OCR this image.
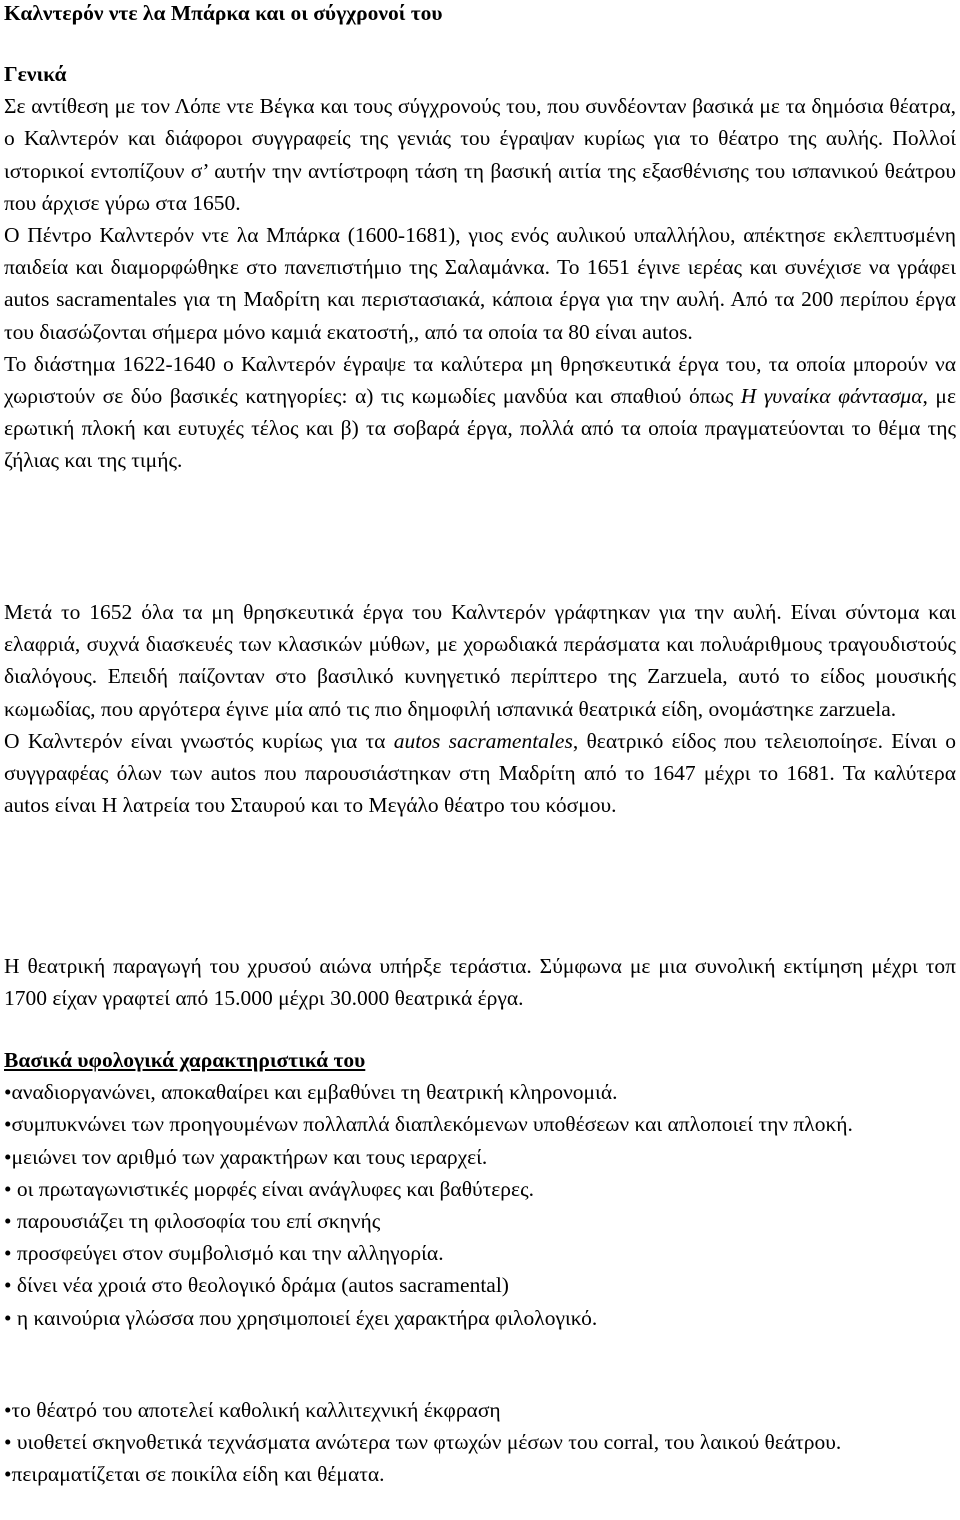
Καλντερόν ντε λα Μπάρκα και οι σύγχρονοί του
Γενικά

Σε αντίθεση με τον Λόπε ντε Βέγκα και τους σύγχρονούς του, που συνδέονταν βασικά με τα δημόσια θέατρα, ο Καλντερόν και διάφοροι συγγραφείς της γενιάς του έγραψαν κυρίως για το θέατρο της αυλής. Πολλοί ιστορικοί εντοπίζουν σ’ αυτήν την αντίστροφη τάση τη βασική αιτία της εξασθένισης του ισπανικού θεάτρου που άρχισε γύρω στα 1650.

Ο Πέντρο Καλντερόν ντε λα Μπάρκα (1600-1681), γιος ενός αυλικού υπαλλήλου, απέκτησε εκλεπτυσμένη παιδεία και διαμορφώθηκε στο πανεπιστήμιο της Σαλαμάνκα. Το 1651 έγινε ιερέας και συνέχισε να γράφει autos sacramentales για τη Μαδρίτη και περιστασιακά, κάποια έργα για την αυλή. Από τα 200 περίπου έργα του διασώζονται σήμερα μόνο καμιά εκατοστή,, από τα οποία τα 80 είναι autos.

Το διάστημα 1622-1640 ο Καλντερόν έγραψε τα καλύτερα μη θρησκευτικά έργα του, τα οποία μπορούν να χωριστούν σε δύο βασικές κατηγορίες: α) τις κωμωδίες μανδύα και σπαθιού όπως Η γυναίκα φάντασμα, με ερωτική πλοκή και ευτυχές τέλος και β) τα σοβαρά έργα, πολλά από τα οποία πραγματεύονται το θέμα της ζήλιας και της τιμής.

Μετά το 1652 όλα τα μη θρησκευτικά έργα του Καλντερόν γράφτηκαν για την αυλή. Είναι σύντομα και ελαφριά, συχνά διασκευές των κλασικών μύθων, με χορωδιακά περάσματα και πολυάριθμους τραγουδιστούς διαλόγους. Επειδή παίζονταν στο βασιλικό κυνηγετικό περίπτερο της Zarzuela, αυτό το είδος μουσικής κωμωδίας, που αργότερα έγινε μία από τις πιο δημοφιλή ισπανικά θεατρικά είδη, ονομάστηκε zarzuela.

Ο Καλντερόν είναι γνωστός κυρίως για τα autos sacramentales, θεατρικό είδος που τελειοποίησε. Είναι ο συγγραφέας όλων των autos που παρουσιάστηκαν στη Μαδρίτη από το 1647 μέχρι το 1681. Τα καλύτερα autos είναι Η λατρεία του Σταυρού και το Μεγάλο θέατρο του κόσμου.

Η θεατρική παραγωγή του χρυσού αιώνα υπήρξε τεράστια. Σύμφωνα με μια συνολική εκτίμηση μέχρι τοπ 1700 είχαν γραφτεί από 15.000 μέχρι 30.000 θεατρικά έργα.

Βασικά υφολογικά χαρακτηριστικά του

•αναδιοργανώνει, αποκαθαίρει και εμβαθύνει τη θεατρική κληρονομιά.

•συμπυκνώνει των προηγουμένων πολλαπλά διαπλεκόμενων υποθέσεων και απλοποιεί την πλοκή.

•μειώνει τον αριθμό των χαρακτήρων και τους ιεραρχεί.

• οι πρωταγωνιστικές μορφές είναι ανάγλυφες και βαθύτερες.

• παρουσιάζει τη φιλοσοφία του επί σκηνής

• προσφεύγει στον συμβολισμό και την αλληγορία.

• δίνει νέα χροιά στο θεολογικό δράμα (autos sacramental)

• η καινούρια γλώσσα που χρησιμοποιεί έχει χαρακτήρα φιλολογικό.

•το θέατρό του αποτελεί καθολική καλλιτεχνική έκφραση

• υιοθετεί σκηνοθετικά τεχνάσματα ανώτερα των φτωχών μέσων του corral, του λαικού θεάτρου.

•πειραματίζεται σε ποικίλα είδη και θέματα.
